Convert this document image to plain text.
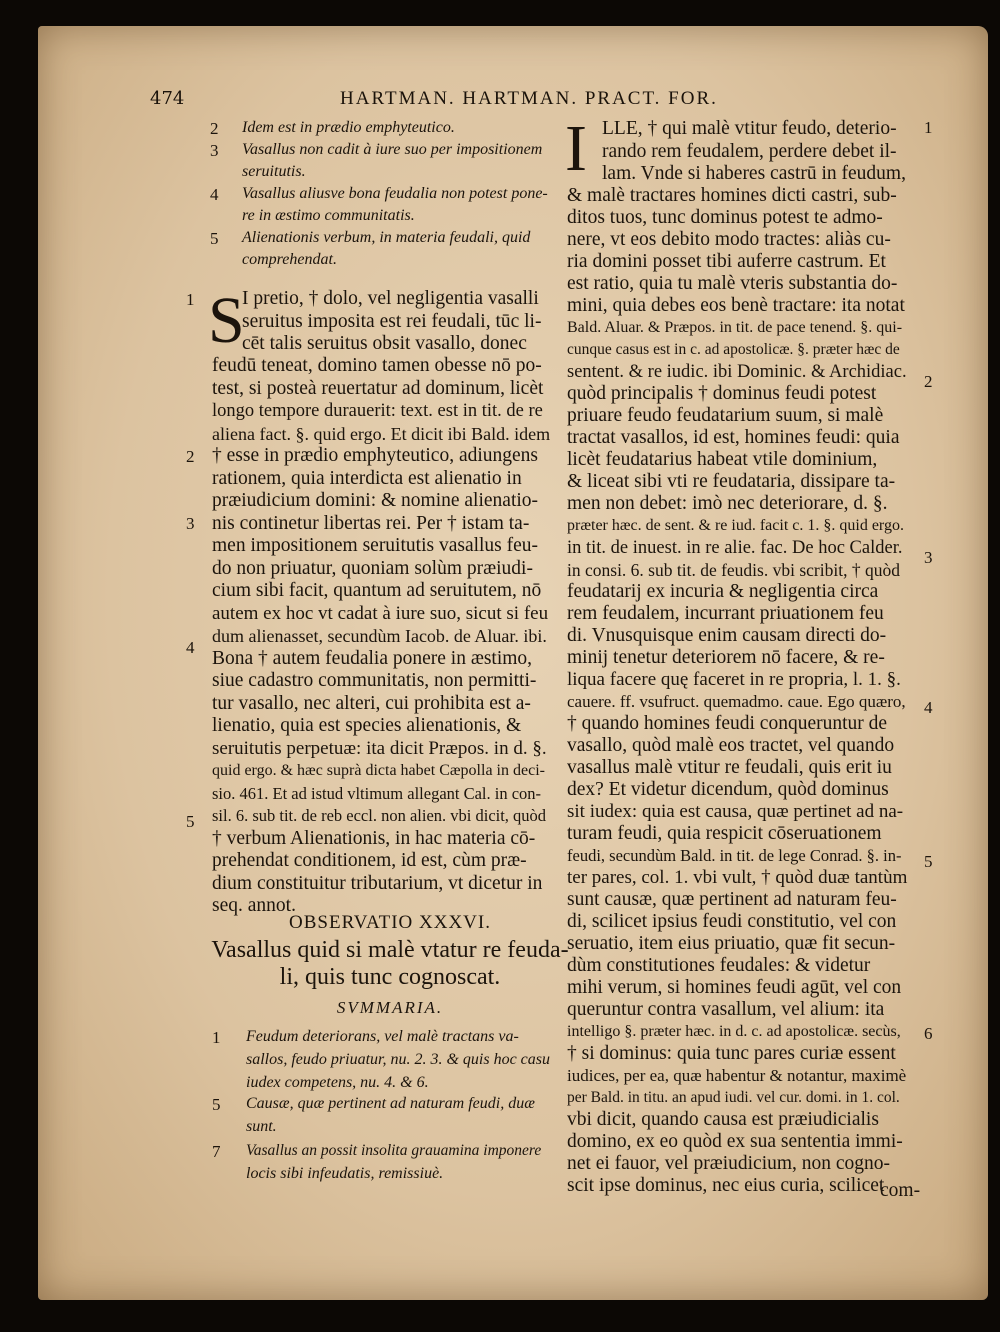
474	HARTMAN. HARTMAN. PRACT. FOR.
2 Idem est in prædio emphyteutico.
3 Vasallus non cadit à iure suo per impositionem
seruitutis.
4 Vasallus aliusve bona feudalia non potest pone-
re in æstimo communitatis.
5 Alienationis verbum, in materia feudali, quid
comprehendat.
S
I pretio, † dolo, vel negligentia vasalli
seruitus imposita est rei feudali, tūc li-
cēt talis seruitus obsit vasallo, donec
feudū teneat, domino tamen obesse nō po-
test, si posteà reuertatur ad dominum, licèt
longo tempore durauerit: text. est in tit. de re
aliena fact. §. quid ergo. Et dicit ibi Bald. idem
† esse in prædio emphyteutico, adiungens
rationem, quia interdicta est alienatio in
præiudicium domini: & nomine alienatio-
nis continetur libertas rei. Per † istam ta-
men impositionem seruitutis vasallus feu-
do non priuatur, quoniam solùm præiudi-
cium sibi facit, quantum ad seruitutem, nō
autem ex hoc vt cadat à iure suo, sicut si feu
dum alienasset, secundùm Iacob. de Aluar. ibi.
Bona † autem feudalia ponere in æstimo,
siue cadastro communitatis, non permitti-
tur vasallo, nec alteri, cui prohibita est a-
lienatio, quia est species alienationis, &
seruitutis perpetuæ: ita dicit Præpos. in d. §.
quid ergo. & hæc suprà dicta habet Cæpolla in deci-
sio. 461. Et ad istud vltimum allegant Cal. in con-
sil. 6. sub tit. de reb eccl. non alien. vbi dicit, quòd
† verbum Alienationis, in hac materia cō-
prehendat conditionem, id est, cùm præ-
dium constituitur tributarium, vt dicetur in
seq. annot.
1
2
3
4
5
OBSERVATIO XXXVI.
Vasallus quid si malè vtatur re feuda-
li, quis tunc cognoscat.
SVMMARIA.
1 Feudum deteriorans, vel malè tractans va-
sallos, feudo priuatur, nu. 2. 3. & quis hoc casu
iudex competens, nu. 4. & 6.
5 Causæ, quæ pertinent ad naturam feudi, duæ
sunt.
7 Vasallus an possit insolita grauamina imponere
locis sibi infeudatis, remissiuè.
I LLE, † qui malè vtitur feudo, deterio-
rando rem feudalem, perdere debet il-
lam. Vnde si haberes castrū in feudum,
& malè tractares homines dicti castri, sub-
ditos tuos, tunc dominus potest te admo-
nere, vt eos debito modo tractes: aliàs cu-
ria domini posset tibi auferre castrum. Et
est ratio, quia tu malè vteris substantia do-
mini, quia debes eos benè tractare: ita notat
Bald. Aluar. & Præpos. in tit. de pace tenend. §. qui-
cunque casus est in c. ad apostolicæ. §. præter hæc de
sentent. & re iudic. ibi Dominic. & Archidiac.
quòd principalis † dominus feudi potest
priuare feudo feudatarium suum, si malè
tractat vasallos, id est, homines feudi: quia
licèt feudatarius habeat vtile dominium,
& liceat sibi vti re feudataria, dissipare ta-
men non debet: imò nec deteriorare, d. §.
præter hæc. de sent. & re iud. facit c. 1. §. quid ergo.
in tit. de inuest. in re alie. fac. De hoc Calder.
in consi. 6. sub tit. de feudis. vbi scribit, † quòd
feudatarij ex incuria & negligentia circa
rem feudalem, incurrant priuationem feu
di. Vnusquisque enim causam directi do-
minij tenetur deteriorem nō facere, & re-
liqua facere quę faceret in re propria, l. 1. §.
cauere. ff. vsufruct. quemadmo. caue. Ego quæro,
† quando homines feudi conqueruntur de
vasallo, quòd malè eos tractet, vel quando
vasallus malè vtitur re feudali, quis erit iu
dex? Et videtur dicendum, quòd dominus
sit iudex: quia est causa, quæ pertinet ad na-
turam feudi, quia respicit cōseruationem
feudi, secundùm Bald. in tit. de lege Conrad. §. in-
ter pares, col. 1. vbi vult, † quòd duæ tantùm
sunt causæ, quæ pertinent ad naturam feu-
di, scilicet ipsius feudi constitutio, vel con
seruatio, item eius priuatio, quæ fit secun-
dùm constitutiones feudales: & videtur
mihi verum, si homines feudi agūt, vel con
queruntur contra vasallum, vel alium: ita
intelligo §. præter hæc. in d. c. ad apostolicæ. secùs,
† si dominus: quia tunc pares curiæ essent
iudices, per ea, quæ habentur & notantur, maximè
per Bald. in titu. an apud iudi. vel cur. domi. in 1. col.
vbi dicit, quando causa est præiudicialis
domino, ex eo quòd ex sua sententia immi-
net ei fauor, vel præiudicium, non cogno-
scit ipse dominus, nec eius curia, scilicet
com-
1
2
3
4
5
6
